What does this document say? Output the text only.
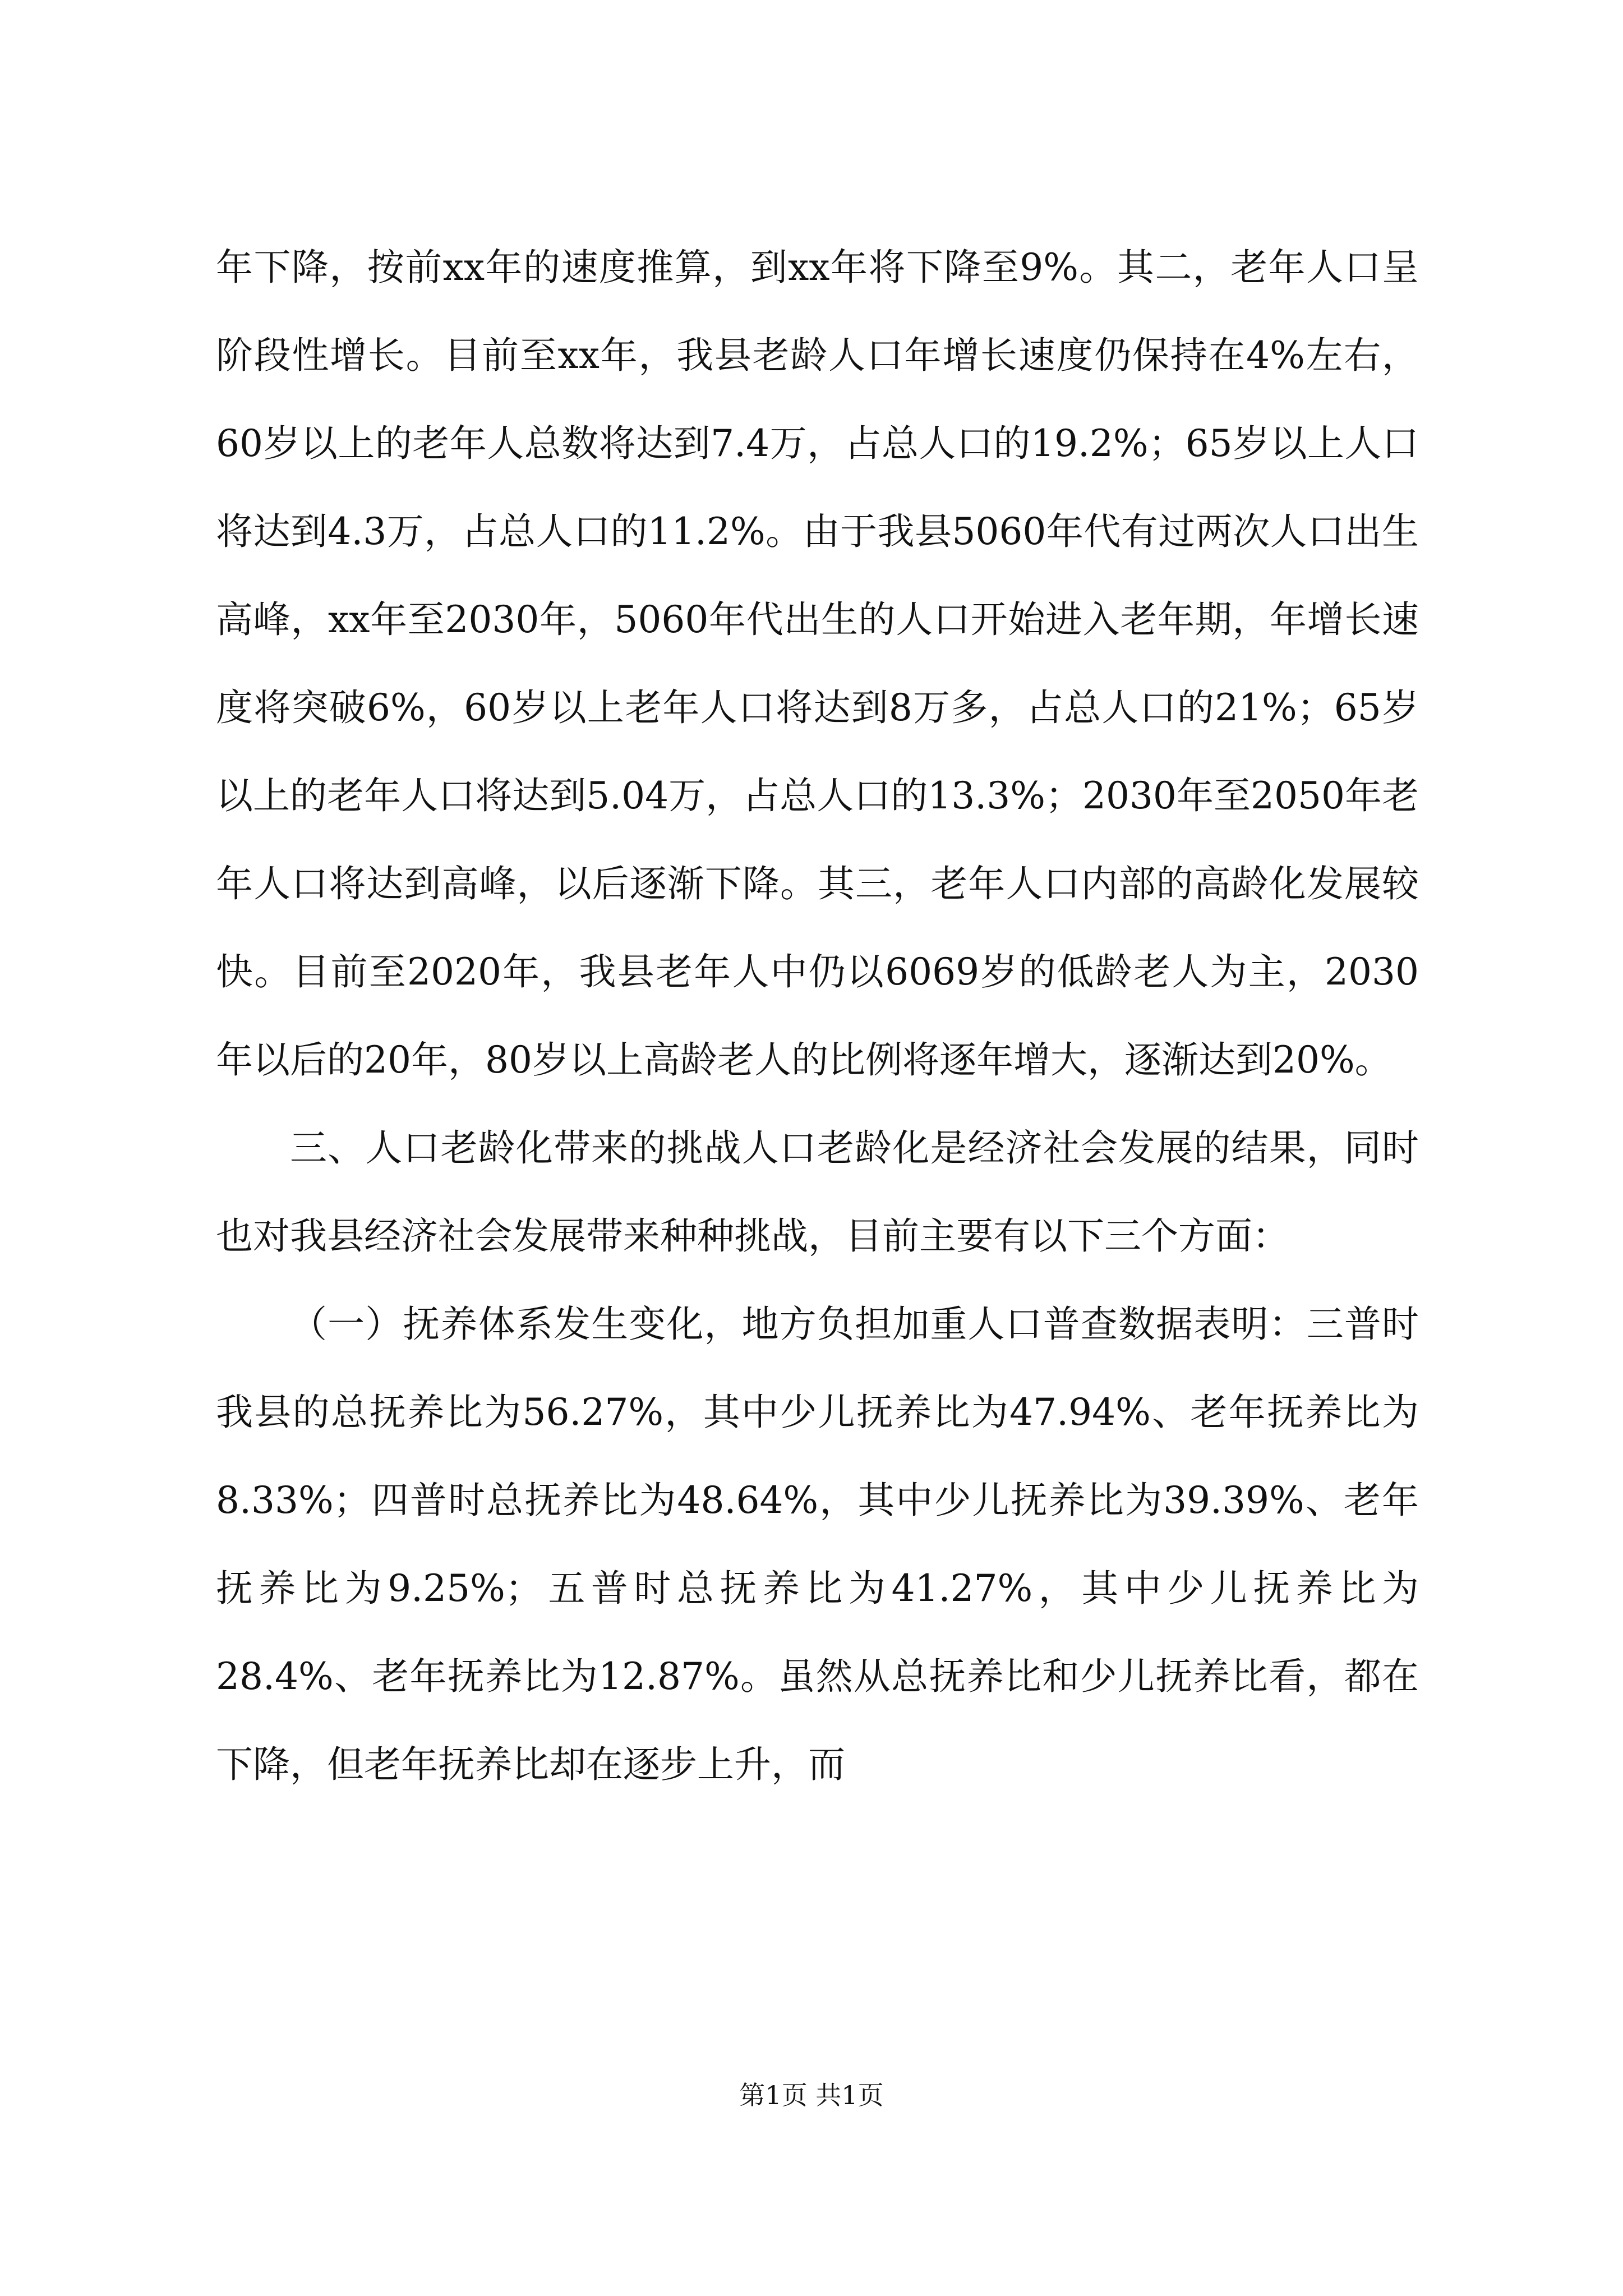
年下降，按前xx年的速度推算，到xx年将下降至9%。其二，老年人口呈阶段性增长。目前至xx年，我县老龄人口年增长速度仍保持在4%左右，60岁以上的老年人总数将达到7.4万，占总人口的19.2%；65岁以上人口将达到4.3万，占总人口的11.2%。由于我县5060年代有过两次人口出生高峰，xx年至2030年，5060年代出生的人口开始进入老年期，年增长速度将突破6%，60岁以上老年人口将达到8万多，占总人口的21%；65岁以上的老年人口将达到5.04万，占总人口的13.3%；2030年至2050年老年人口将达到高峰，以后逐渐下降。其三，老年人口内部的高龄化发展较快。目前至2020年，我县老年人中仍以6069岁的低龄老人为主，2030年以后的20年，80岁以上高龄老人的比例将逐年增大，逐渐达到20%。

三、人口老龄化带来的挑战人口老龄化是经济社会发展的结果，同时也对我县经济社会发展带来种种挑战，目前主要有以下三个方面：

（一）抚养体系发生变化，地方负担加重人口普查数据表明：三普时我县的总抚养比为56.27%，其中少儿抚养比为47.94%、老年抚养比为8.33%；四普时总抚养比为48.64%，其中少儿抚养比为39.39%、老年抚养比为9.25%；五普时总抚养比为41.27%，其中少儿抚养比为28.4%、老年抚养比为12.87%。虽然从总抚养比和少儿抚养比看，都在下降，但老年抚养比却在逐步上升，而

第1页 共1页
